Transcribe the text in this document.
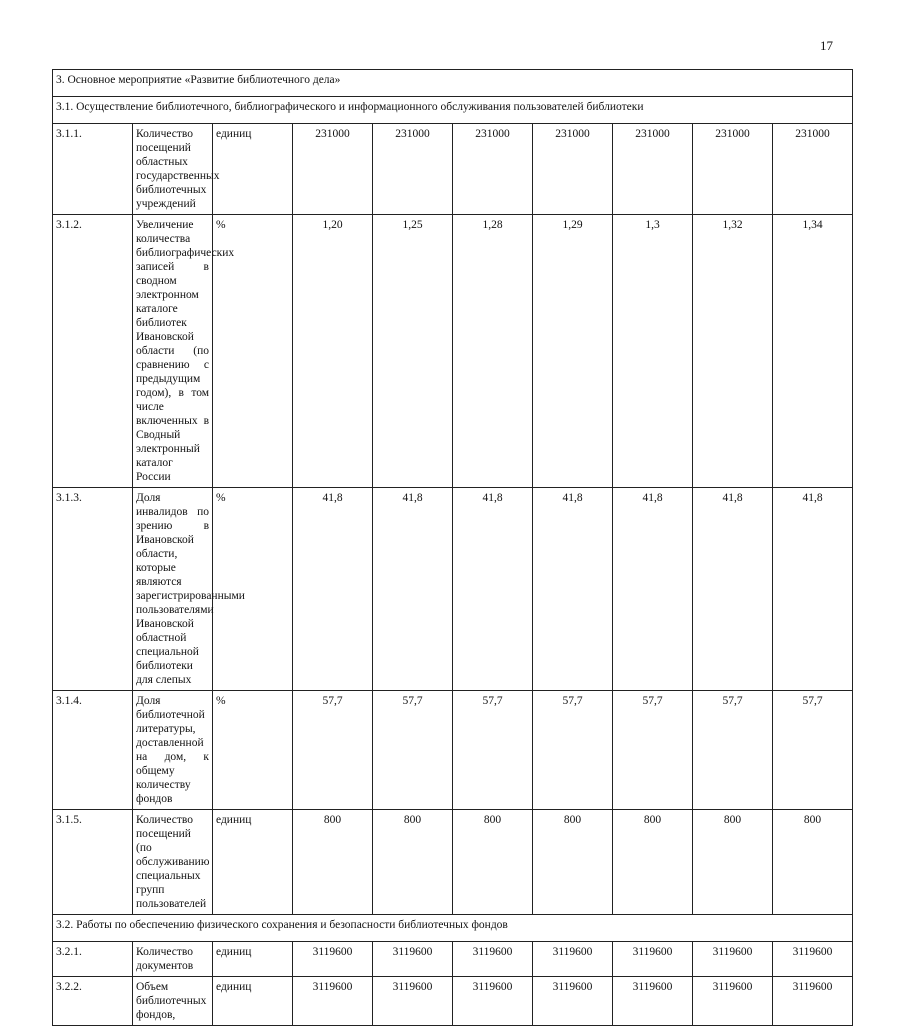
17
3. Основное мероприятие «Развитие библиотечного дела»									
3.1. Осуществление библиотечного, библиографического и информационного обслуживания пользователей библиотеки									
3.1.1.	Количество посещений областных государственных библиотечных учреждений	единиц	231000	231000	231000	231000	231000	231000	231000
3.1.2.	Увеличение количества библиографических записей в сводном электронном каталоге библиотек Ивановской области (по сравнению с предыдущим годом), в том числе включенных в Сводный электронный каталог России	%	1,20	1,25	1,28	1,29	1,3	1,32	1,34
3.1.3.	Доля инвалидов по зрению в Ивановской области, которые являются зарегистрированными пользователями Ивановской областной специальной библиотеки для слепых	%	41,8	41,8	41,8	41,8	41,8	41,8	41,8
3.1.4.	Доля библиотечной литературы, доставленной на дом, к общему количеству фондов	%	57,7	57,7	57,7	57,7	57,7	57,7	57,7
3.1.5.	Количество посещений (по обслуживанию специальных групп пользователей	единиц	800	800	800	800	800	800	800
3.2. Работы по обеспечению физического сохранения и безопасности библиотечных фондов									
3.2.1.	Количество документов	единиц	3119600	3119600	3119600	3119600	3119600	3119600	3119600
3.2.2.	Объем библиотечных фондов,	единиц	3119600	3119600	3119600	3119600	3119600	3119600	3119600
